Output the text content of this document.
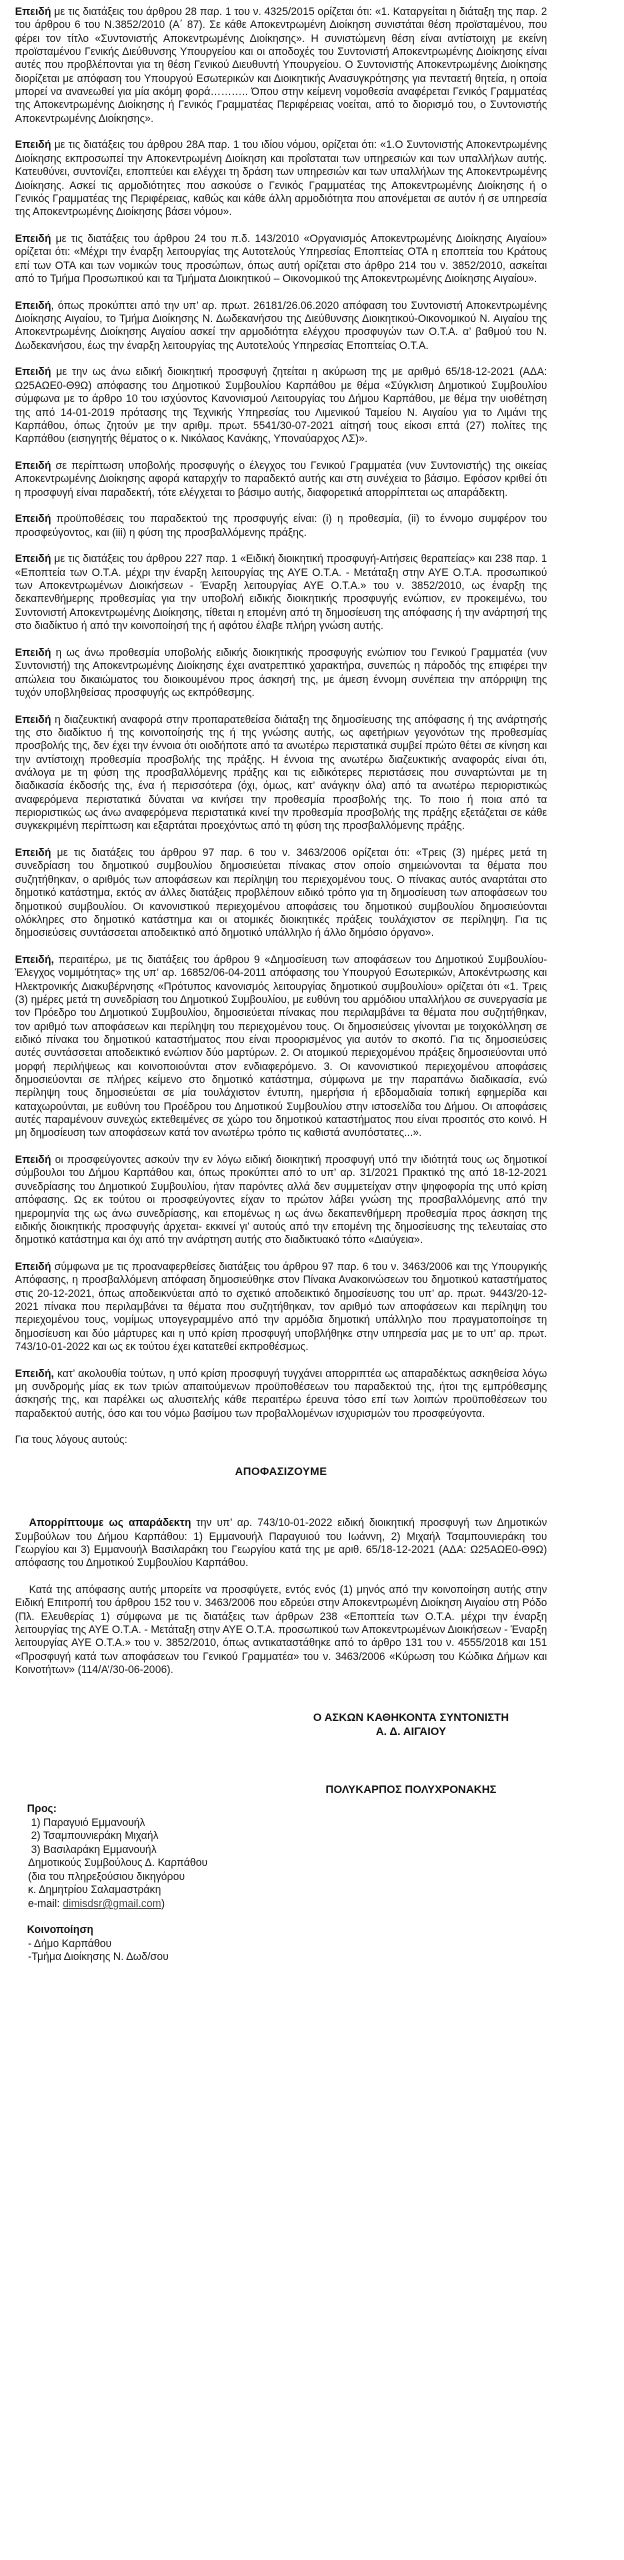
Επειδή με τις διατάξεις του άρθρου 28 παρ. 1 του ν. 4325/2015 ορίζεται ότι: «1. Καταργείται η διάταξη της παρ. 2 του άρθρου 6 του Ν.3852/2010 (Α΄ 87). Σε κάθε Αποκεντρωμένη Διοίκηση συνιστάται θέση προϊσταμένου, που φέρει τον τίτλο «Συντονιστής Αποκεντρωμένης Διοίκησης». Η συνιστώμενη θέση είναι αντίστοιχη με εκείνη προϊσταμένου Γενικής Διεύθυνσης Υπουργείου και οι αποδοχές του Συντονιστή Αποκεντρωμένης Διοίκησης είναι αυτές που προβλέπονται για τη θέση Γενικού Διευθυντή Υπουργείου. Ο Συντονιστής Αποκεντρωμένης Διοίκησης διορίζεται με απόφαση του Υπουργού Εσωτερικών και Διοικητικής Ανασυγκρότησης για πενταετή θητεία, η οποία μπορεί να ανανεωθεί για μία ακόμη φορά……….. Όπου στην κείμενη νομοθεσία αναφέρεται Γενικός Γραμματέας της Αποκεντρωμένης Διοίκησης ή Γενικός Γραμματέας Περιφέρειας νοείται, από το διορισμό του, ο Συντονιστής Αποκεντρωμένης Διοίκησης».

Επειδή με τις διατάξεις του άρθρου 28Α παρ. 1 του ιδίου νόμου, ορίζεται ότι: «1.Ο Συντονιστής Αποκεντρωμένης Διοίκησης εκπροσωπεί την Αποκεντρωμένη Διοίκηση και προΐσταται των υπηρεσιών και των υπαλλήλων αυτής. Κατευθύνει, συντονίζει, εποπτεύει και ελέγχει τη δράση των υπηρεσιών και των υπαλλήλων της Αποκεντρωμένης Διοίκησης. Ασκεί τις αρμοδιότητες που ασκούσε ο Γενικός Γραμματέας της Αποκεντρωμένης Διοίκησης ή ο Γενικός Γραμματέας της Περιφέρειας, καθώς και κάθε άλλη αρμοδιότητα που απονέμεται σε αυτόν ή σε υπηρεσία της Αποκεντρωμένης Διοίκησης βάσει νόμου».

Επειδή με τις διατάξεις του άρθρου 24 του π.δ. 143/2010 «Οργανισμός Αποκεντρωμένης Διοίκησης Αιγαίου» ορίζεται ότι: «Μέχρι την έναρξη λειτουργίας της Αυτοτελούς Υπηρεσίας Εποπτείας ΟΤΑ η εποπτεία του Κράτους επί των ΟΤΑ και των νομικών τους προσώπων, όπως αυτή ορίζεται στο άρθρο 214 του ν. 3852/2010, ασκείται από το Τμήμα Προσωπικού και τα Τμήματα Διοικητικού – Οικονομικού της Αποκεντρωμένης Διοίκησης Αιγαίου».

Επειδή, όπως προκύπτει από την υπ’ αρ. πρωτ. 26181/26.06.2020 απόφαση του Συντονιστή Αποκεντρωμένης Διοίκησης Αιγαίου, το Τμήμα Διοίκησης Ν. Δωδεκανήσου της Διεύθυνσης Διοικητικού-Οικονομικού Ν. Αιγαίου της Αποκεντρωμένης Διοίκησης Αιγαίου ασκεί την αρμοδιότητα ελέγχου προσφυγών των Ο.Τ.Α. α’ βαθμού του Ν. Δωδεκανήσου, έως την έναρξη λειτουργίας της Αυτοτελούς Υπηρεσίας Εποπτείας Ο.Τ.Α.

Επειδή με την ως άνω ειδική διοικητική προσφυγή ζητείται η ακύρωση της με αριθμό 65/18-12-2021 (ΑΔΑ: Ω25ΑΩΕ0-Θ9Ω) απόφασης του Δημοτικού Συμβουλίου Καρπάθου με θέμα «Σύγκλιση Δημοτικού Συμβουλίου σύμφωνα με το άρθρο 10 του ισχύοντος Κανονισμού Λειτουργίας του Δήμου Καρπάθου, με θέμα την υιοθέτηση της από 14-01-2019 πρότασης της Τεχνικής Υπηρεσίας του Λιμενικού Ταμείου Ν. Αιγαίου για το Λιμάνι της Καρπάθου, όπως ζητούν με την αριθμ. πρωτ. 5541/30-07-2021 αίτησή τους είκοσι επτά (27) πολίτες της Καρπάθου (εισηγητής θέματος ο κ. Νικόλαος Κανάκης, Υποναύαρχος ΛΣ)».

Επειδή σε περίπτωση υποβολής προσφυγής ο έλεγχος του Γενικού Γραμματέα (νυν Συντονιστής) της οικείας Αποκεντρωμένης Διοίκησης αφορά καταρχήν το παραδεκτό αυτής και στη συνέχεια το βάσιμο. Εφόσον κριθεί ότι η προσφυγή είναι παραδεκτή, τότε ελέγχεται το βάσιμο αυτής, διαφορετικά απορρίπτεται ως απαράδεκτη.

Επειδή προϋποθέσεις του παραδεκτού της προσφυγής είναι: (i) η προθεσμία, (ii) το έννομο συμφέρον του προσφεύγοντος, και (iii) η φύση της προσβαλλόμενης πράξης.

Επειδή με τις διατάξεις του άρθρου 227 παρ. 1 «Ειδική διοικητική προσφυγή-Αιτήσεις θεραπείας» και 238 παρ. 1 «Εποπτεία των Ο.Τ.Α. μέχρι την έναρξη λειτουργίας της ΑΥΕ Ο.Τ.Α. - Μετάταξη στην ΑΥΕ Ο.Τ.Α. προσωπικού των Αποκεντρωμένων Διοικήσεων - Έναρξη λειτουργίας ΑΥΕ Ο.Τ.Α.» του ν. 3852/2010, ως έναρξη της δεκαπενθήμερης προθεσμίας για την υποβολή ειδικής διοικητικής προσφυγής ενώπιον, εν προκειμένω, του Συντονιστή Αποκεντρωμένης Διοίκησης, τίθεται η επομένη από τη δημοσίευση της απόφασης ή την ανάρτησή της στο διαδίκτυο ή από την κοινοποίησή της ή αφότου έλαβε πλήρη γνώση αυτής.

Επειδή η ως άνω προθεσμία υποβολής ειδικής διοικητικής προσφυγής ενώπιον του Γενικού Γραμματέα (νυν Συντονιστή) της Αποκεντρωμένης Διοίκησης έχει ανατρεπτικό χαρακτήρα, συνεπώς η πάροδός της επιφέρει την απώλεια του δικαιώματος του διοικουμένου προς άσκησή της, με άμεση έννομη συνέπεια την απόρριψη της τυχόν υποβληθείσας προσφυγής ως εκπρόθεσμης.

Επειδή η διαζευκτική αναφορά στην προπαρατεθείσα διάταξη της δημοσίευσης της απόφασης ή της ανάρτησής της στο διαδίκτυο ή της κοινοποίησής της ή της γνώσης αυτής, ως αφετήριων γεγονότων της προθεσμίας προσβολής της, δεν έχει την έννοια ότι οιοδήποτε από τα ανωτέρω περιστατικά συμβεί πρώτο θέτει σε κίνηση και την αντίστοιχη προθεσμία προσβολής της πράξης. Η έννοια της ανωτέρω διαζευκτικής αναφοράς είναι ότι, ανάλογα με τη φύση της προσβαλλόμενης πράξης και τις ειδικότερες περιστάσεις που συναρτώνται με τη διαδικασία έκδοσής της, ένα ή περισσότερα (όχι, όμως, κατ’ ανάγκην όλα) από τα ανωτέρω περιοριστικώς αναφερόμενα περιστατικά δύναται να κινήσει την προθεσμία προσβολής της. Το ποιο ή ποια από τα περιοριστικώς ως άνω αναφερόμενα περιστατικά κινεί την προθεσμία προσβολής της πράξης εξετάζεται σε κάθε συγκεκριμένη περίπτωση και εξαρτάται προεχόντως από τη φύση της προσβαλλόμενης πράξης.

Επειδή με τις διατάξεις του άρθρου 97 παρ. 6 του ν. 3463/2006 ορίζεται ότι: «Τρεις (3) ημέρες μετά τη συνεδρίαση του δημοτικού συμβουλίου δημοσιεύεται πίνακας στον οποίο σημειώνονται τα θέματα που συζητήθηκαν, ο αριθμός των αποφάσεων και περίληψη του περιεχομένου τους. Ο πίνακας αυτός αναρτάται στο δημοτικό κατάστημα, εκτός αν άλλες διατάξεις προβλέπουν ειδικό τρόπο για τη δημοσίευση των αποφάσεων του δημοτικού συμβουλίου. Οι κανονιστικού περιεχομένου αποφάσεις του δημοτικού συμβουλίου δημοσιεύονται ολόκληρες στο δημοτικό κατάστημα και οι ατομικές διοικητικές πράξεις τουλάχιστον σε περίληψη. Για τις δημοσιεύσεις συντάσσεται αποδεικτικό από δημοτικό υπάλληλο ή άλλο δημόσιο όργανο».

Επειδή, περαιτέρω, με τις διατάξεις του άρθρου 9 «Δημοσίευση των αποφάσεων του Δημοτικού Συμβουλίου- Έλεγχος νομιμότητας» της υπ’ αρ. 16852/06-04-2011 απόφασης του Υπουργού Εσωτερικών, Αποκέντρωσης και Ηλεκτρονικής Διακυβέρνησης «Πρότυπος κανονισμός λειτουργίας δημοτικού συμβουλίου» ορίζεται ότι «1. Τρεις (3) ημέρες μετά τη συνεδρίαση του Δημοτικού Συμβουλίου, με ευθύνη του αρμόδιου υπαλλήλου σε συνεργασία με τον Πρόεδρο του Δημοτικού Συμβουλίου, δημοσιεύεται πίνακας που περιλαμβάνει τα θέματα που συζητήθηκαν, τον αριθμό των αποφάσεων και περίληψη του περιεχομένου τους. Οι δημοσιεύσεις γίνονται με τοιχοκόλληση σε ειδικό πίνακα του δημοτικού καταστήματος που είναι προορισμένος για αυτόν το σκοπό. Για τις δημοσιεύσεις αυτές συντάσσεται αποδεικτικό ενώπιον δύο μαρτύρων. 2. Οι ατομικού περιεχομένου πράξεις δημοσιεύονται υπό μορφή περιλήψεως και κοινοποιούνται στον ενδιαφερόμενο. 3. Οι κανονιστικού περιεχομένου αποφάσεις δημοσιεύονται σε πλήρες κείμενο στο δημοτικό κατάστημα, σύμφωνα με την παραπάνω διαδικασία, ενώ περίληψη τους δημοσιεύεται σε μία τουλάχιστον έντυπη, ημερήσια ή εβδομαδιαία τοπική εφημερίδα και καταχωρούνται, με ευθύνη του Προέδρου του Δημοτικού Συμβουλίου στην ιστοσελίδα του Δήμου. Οι αποφάσεις αυτές παραμένουν συνεχώς εκτεθειμένες σε χώρο του δημοτικού καταστήματος που είναι προσιτός στο κοινό. Η μη δημοσίευση των αποφάσεων κατά τον ανωτέρω τρόπο τις καθιστά ανυπόστατες...».

Επειδή οι προσφεύγοντες ασκούν την εν λόγω ειδική διοικητική προσφυγή υπό την ιδιότητά τους ως δημοτικοί σύμβουλοι του Δήμου Καρπάθου και, όπως προκύπτει από το υπ’ αρ. 31/2021 Πρακτικό της από 18-12-2021 συνεδρίασης του Δημοτικού Συμβουλίου, ήταν παρόντες αλλά δεν συμμετείχαν στην ψηφοφορία της υπό κρίση απόφασης. Ως εκ τούτου οι προσφεύγοντες είχαν το πρώτον λάβει γνώση της προσβαλλόμενης από την ημερομηνία της ως άνω συνεδρίασης, και επομένως η ως άνω δεκαπενθήμερη προθεσμία προς άσκηση της ειδικής διοικητικής προσφυγής άρχεται- εκκινεί γι’ αυτούς από την επομένη της δημοσίευσης της τελευταίας στο δημοτικό κατάστημα και όχι από την ανάρτηση αυτής στο διαδικτυακό τόπο «Διαύγεια».

Επειδή σύμφωνα με τις προαναφερθείσες διατάξεις του άρθρου 97 παρ. 6 του ν. 3463/2006 και της Υπουργικής Απόφασης, η προσβαλλόμενη απόφαση δημοσιεύθηκε στον Πίνακα Ανακοινώσεων του δημοτικού καταστήματος στις 20-12-2021, όπως αποδεικνύεται από το σχετικό αποδεικτικό δημοσίευσης του υπ’ αρ. πρωτ. 9443/20-12-2021 πίνακα που περιλαμβάνει τα θέματα που συζητήθηκαν, τον αριθμό των αποφάσεων και περίληψη του περιεχομένου τους, νομίμως υπογεγραμμένο από την αρμόδια δημοτική υπάλληλο που πραγματοποίησε τη δημοσίευση και δύο μάρτυρες και η υπό κρίση προσφυγή υποβλήθηκε στην υπηρεσία μας με το υπ’ αρ. πρωτ. 743/10-01-2022 και ως εκ τούτου έχει κατατεθεί εκπροθέσμως.

Επειδή, κατ’ ακολουθία τούτων, η υπό κρίση προσφυγή τυγχάνει απορριπτέα ως απαραδέκτως ασκηθείσα λόγω μη συνδρομής μίας εκ των τριών απαιτούμενων προϋποθέσεων του παραδεκτού της, ήτοι της εμπρόθεσμης άσκησής της, και παρέλκει ως αλυσιτελής κάθε περαιτέρω έρευνα τόσο επί των λοιπών προϋποθέσεων του παραδεκτού αυτής, όσο και του νόμω βασίμου των προβαλλομένων ισχυρισμών του προσφεύγοντα.

Για τους λόγους αυτούς:

ΑΠΟΦΑΣΙΖΟΥΜΕ

Απορρίπτουμε ως απαράδεκτη την υπ’ αρ. 743/10-01-2022 ειδική διοικητική προσφυγή των Δημοτικών Συμβούλων του Δήμου Καρπάθου: 1) Εμμανουήλ Παραγυιού του Ιωάννη, 2) Μιχαήλ Τσαμπουνιεράκη του Γεωργίου και 3) Εμμανουήλ Βασιλαράκη του Γεωργίου κατά της με αριθ. 65/18-12-2021 (ΑΔΑ: Ω25ΑΩΕ0-Θ9Ω) απόφασης του Δημοτικού Συμβουλίου Καρπάθου.

Κατά της απόφασης αυτής μπορείτε να προσφύγετε, εντός ενός (1) μηνός από την κοινοποίηση αυτής στην Ειδική Επιτροπή του άρθρου 152 του ν. 3463/2006 που εδρεύει στην Αποκεντρωμένη Διοίκηση Αιγαίου στη Ρόδο (Πλ. Ελευθερίας 1) σύμφωνα με τις διατάξεις των άρθρων 238 «Εποπτεία των Ο.Τ.Α. μέχρι την έναρξη λειτουργίας της ΑΥΕ Ο.Τ.Α. - Μετάταξη στην ΑΥΕ Ο.Τ.Α. προσωπικού των Αποκεντρωμένων Διοικήσεων - Έναρξη λειτουργίας ΑΥΕ Ο.Τ.Α.» του ν. 3852/2010, όπως αντικαταστάθηκε από το άρθρο 131 του ν. 4555/2018 και 151 «Προσφυγή κατά των αποφάσεων του Γενικού Γραμματέα» του ν. 3463/2006 «Κύρωση του Κώδικα Δήμων και Κοινοτήτων» (114/Α’/30-06-2006).

Ο ΑΣΚΩΝ ΚΑΘΗΚΟΝΤΑ ΣΥΝΤΟΝΙΣΤΗ
Α. Δ. ΑΙΓΑΙΟΥ
ΠΟΛΥΚΑΡΠΟΣ ΠΟΛΥΧΡΟΝΑΚΗΣ
Προς:
1) Παραγυιό Εμμανουήλ
2) Τσαμπουνιεράκη Μιχαήλ
3) Βασιλαράκη Εμμανουήλ
Δημοτικούς Συμβούλους Δ. Καρπάθου
(δια του πληρεξούσιου δικηγόρου
κ. Δημητρίου Σαλαμαστράκη
e-mail: dimisdsr@gmail.com)
Κοινοποίηση
- Δήμο Καρπάθου
-Τμήμα Διοίκησης Ν. Δωδ/σου
